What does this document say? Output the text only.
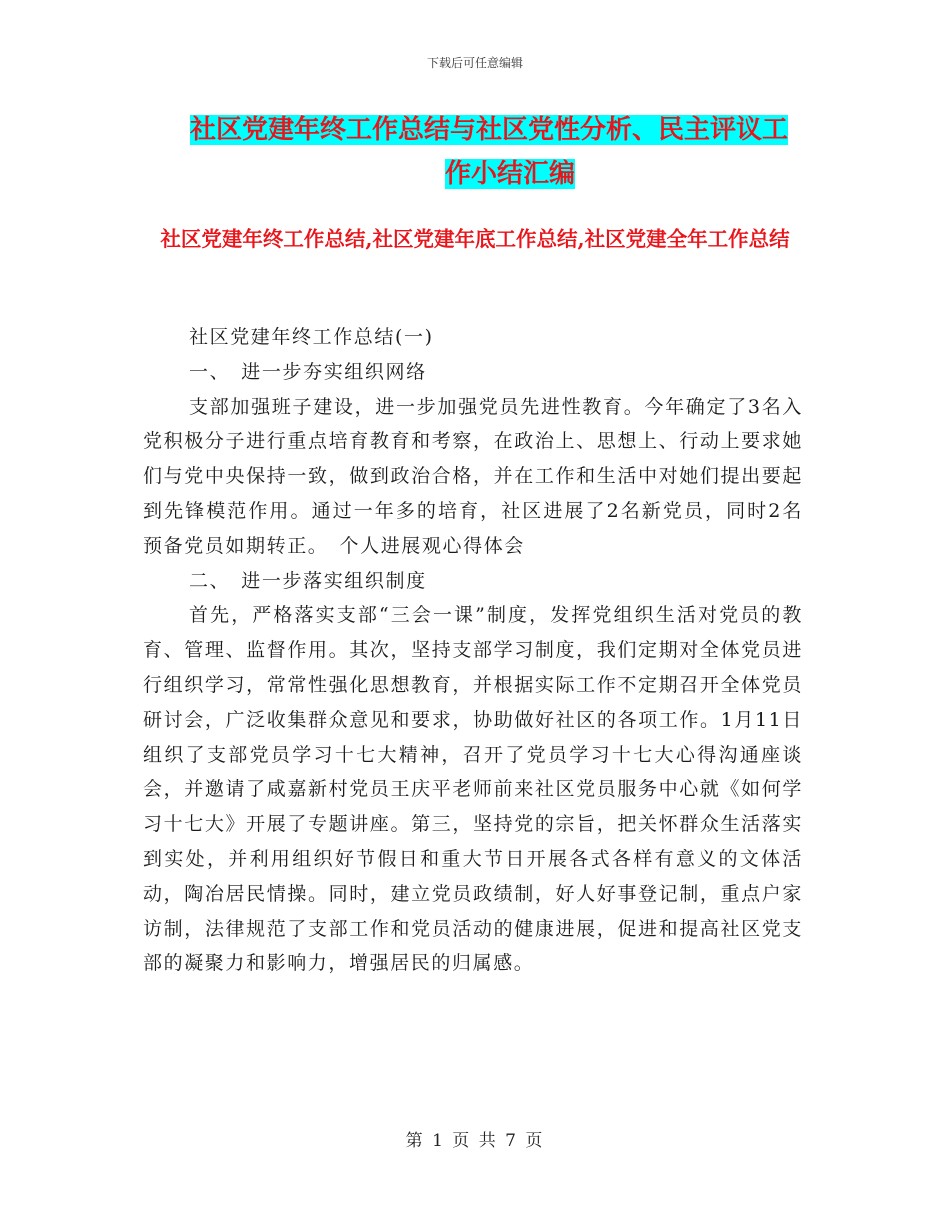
下载后可任意编辑
社区党建年终工作总结与社区党性分析、民主评议工
作小结汇编
社区党建年终工作总结,社区党建年底工作总结,社区党建全年工作总结

社区党建年终工作总结(一)

一、　进一步夯实组织网络

支部加强班子建设，进一步加强党员先进性教育。今年确定了3名入党积极分子进行重点培育教育和考察，在政治上、思想上、行动上要求她们与党中央保持一致，做到政治合格，并在工作和生活中对她们提出要起到先锋模范作用。通过一年多的培育，社区进展了2名新党员，同时2名预备党员如期转正。　个人进展观心得体会

二、　进一步落实组织制度

首先，严格落实支部“三会一课”制度，发挥党组织生活对党员的教育、管理、监督作用。其次，坚持支部学习制度，我们定期对全体党员进行组织学习，常常性强化思想教育，并根据实际工作不定期召开全体党员研讨会，广泛收集群众意见和要求，协助做好社区的各项工作。1月11日组织了支部党员学习十七大精神，召开了党员学习十七大心得沟通座谈会，并邀请了咸嘉新村党员王庆平老师前来社区党员服务中心就《如何学习十七大》开展了专题讲座。第三，坚持党的宗旨，把关怀群众生活落实到实处，并利用组织好节假日和重大节日开展各式各样有意义的文体活动，陶冶居民情操。同时，建立党员政绩制，好人好事登记制，重点户家访制，法律规范了支部工作和党员活动的健康进展，促进和提高社区党支部的凝聚力和影响力，增强居民的归属感。

第 1 页 共 7 页
